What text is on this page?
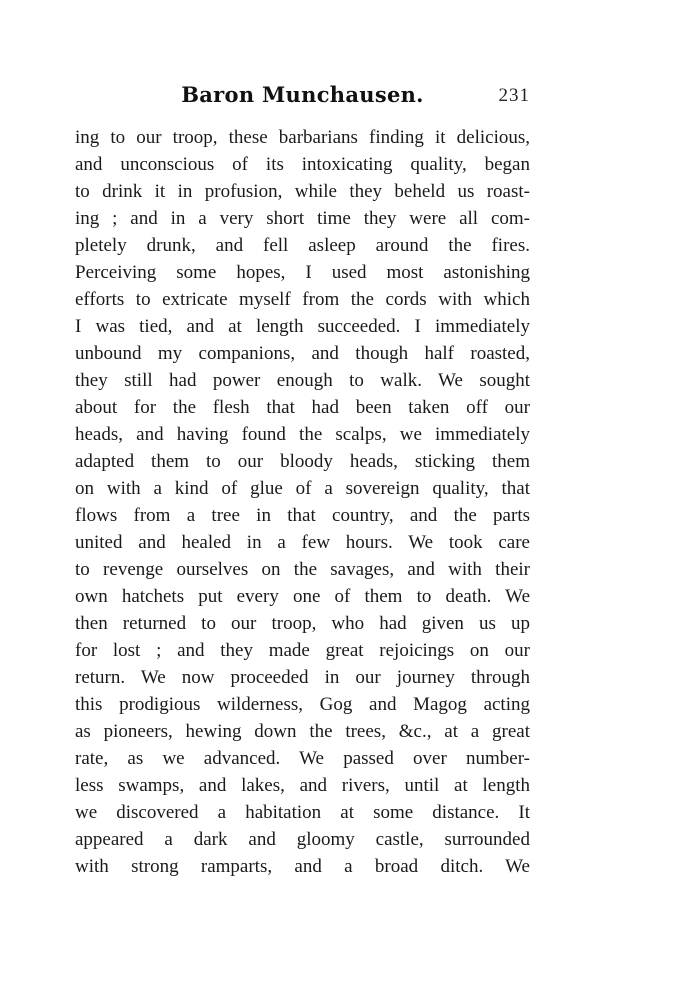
Baron Munchausen.	231
ing to our troop, these barbarians finding it delicious,
and unconscious of its intoxicating quality, began
to drink it in profusion, while they beheld us roast-
ing ; and in a very short time they were all com-
pletely drunk, and fell asleep around the fires.
Perceiving some hopes, I used most astonishing
efforts to extricate myself from the cords with which
I was tied, and at length succeeded. I immediately
unbound my companions, and though half roasted,
they still had power enough to walk. We sought
about for the flesh that had been taken off our
heads, and having found the scalps, we immediately
adapted them to our bloody heads, sticking them
on with a kind of glue of a sovereign quality, that
flows from a tree in that country, and the parts
united and healed in a few hours. We took care
to revenge ourselves on the savages, and with their
own hatchets put every one of them to death. We
then returned to our troop, who had given us up
for lost ; and they made great rejoicings on our
return. We now proceeded in our journey through
this prodigious wilderness, Gog and Magog acting
as pioneers, hewing down the trees, &c., at a great
rate, as we advanced. We passed over number-
less swamps, and lakes, and rivers, until at length
we discovered a habitation at some distance. It
appeared a dark and gloomy castle, surrounded
with strong ramparts, and a broad ditch. We
